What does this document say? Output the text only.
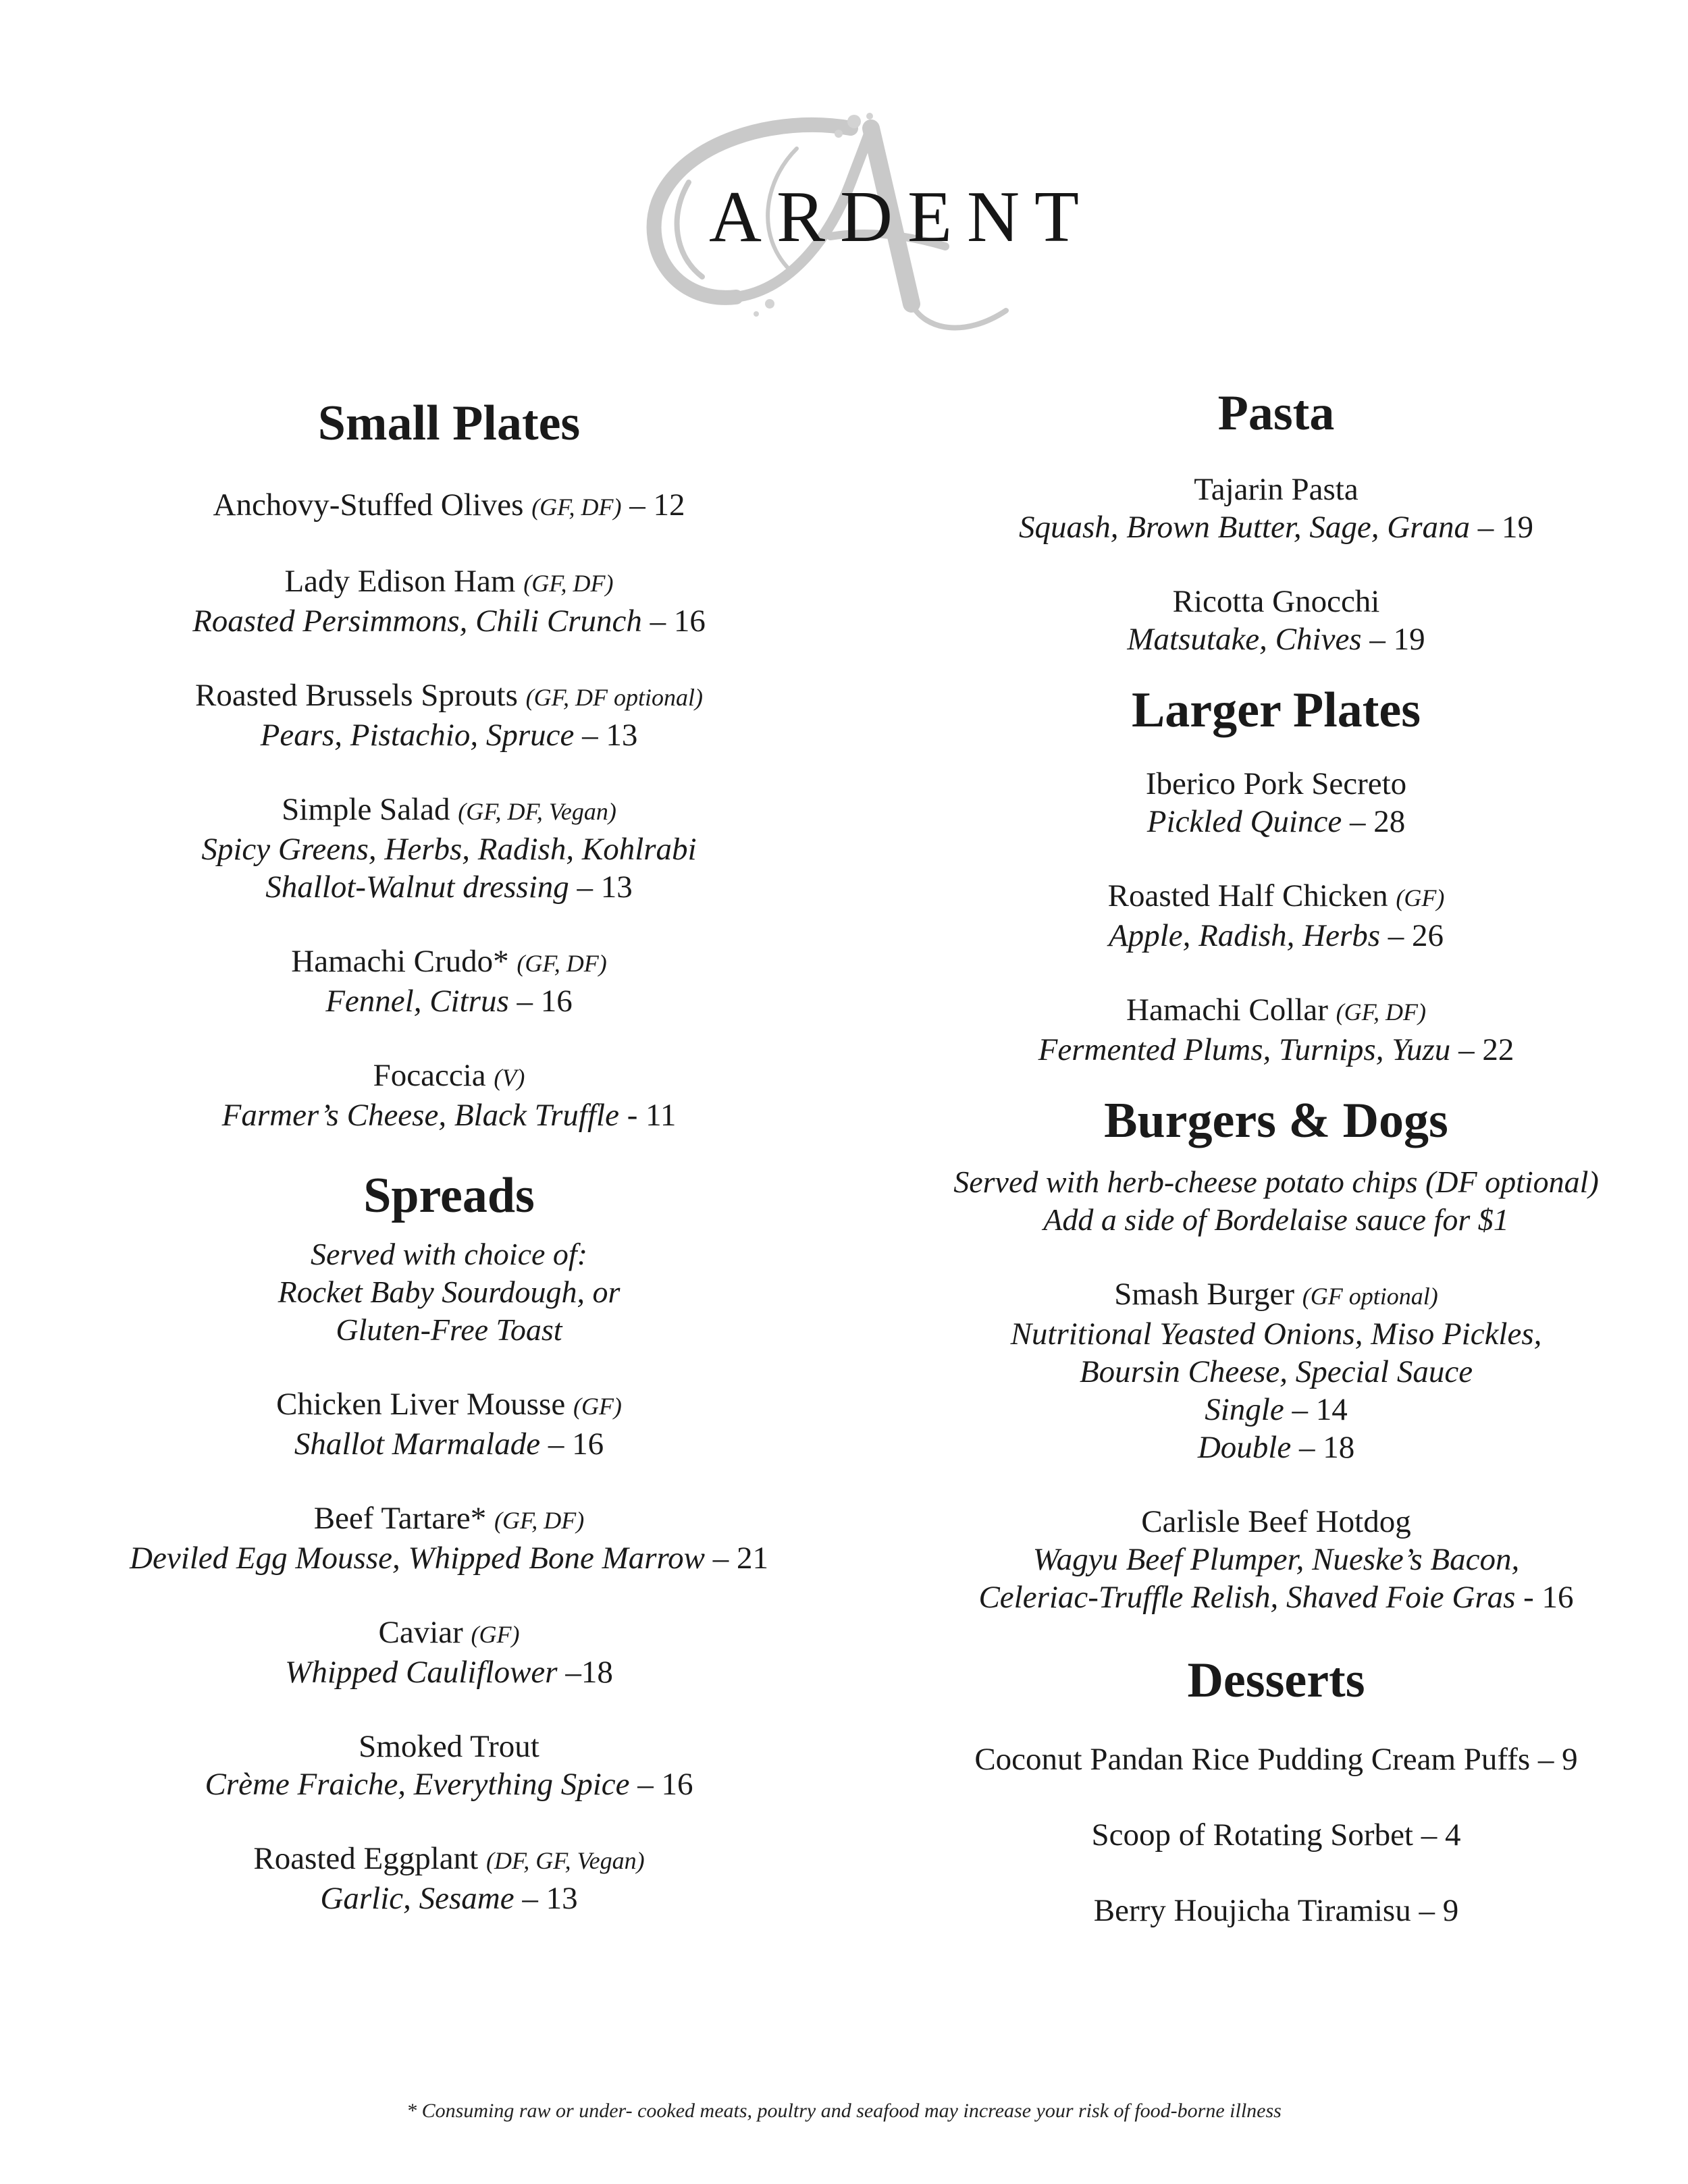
ARDENT
Small Plates
Anchovy-Stuffed Olives (GF, DF) – 12
Lady Edison Ham (GF, DF)
Roasted Persimmons, Chili Crunch – 16
Roasted Brussels Sprouts (GF, DF optional)
Pears, Pistachio, Spruce – 13
Simple Salad (GF, DF, Vegan)
Spicy Greens, Herbs, Radish, Kohlrabi
Shallot-Walnut dressing – 13
Hamachi Crudo* (GF, DF)
Fennel, Citrus – 16
Focaccia (V)
Farmer’s Cheese, Black Truffle - 11
Spreads
Served with choice of:
Rocket Baby Sourdough, or
Gluten-Free Toast
Chicken Liver Mousse (GF)
Shallot Marmalade – 16
Beef Tartare* (GF, DF)
Deviled Egg Mousse, Whipped Bone Marrow – 21
Caviar (GF)
Whipped Cauliflower –18
Smoked Trout
Crème Fraiche, Everything Spice – 16
Roasted Eggplant (DF, GF, Vegan)
Garlic, Sesame – 13
Pasta
Tajarin Pasta
Squash, Brown Butter, Sage, Grana – 19
Ricotta Gnocchi
Matsutake, Chives – 19
Larger Plates
Iberico Pork Secreto
Pickled Quince – 28
Roasted Half Chicken (GF)
Apple, Radish, Herbs – 26
Hamachi Collar (GF, DF)
Fermented Plums, Turnips, Yuzu – 22
Burgers & Dogs
Served with herb-cheese potato chips (DF optional)
Add a side of Bordelaise sauce for $1
Smash Burger (GF optional)
Nutritional Yeasted Onions, Miso Pickles,
Boursin Cheese, Special Sauce
Single – 14
Double – 18
Carlisle Beef Hotdog
Wagyu Beef Plumper, Nueske’s Bacon,
Celeriac-Truffle Relish, Shaved Foie Gras - 16
Desserts
Coconut Pandan Rice Pudding Cream Puffs – 9
Scoop of Rotating Sorbet – 4
Berry Houjicha Tiramisu – 9
* Consuming raw or under- cooked meats, poultry and seafood may increase your risk of food-borne illness
